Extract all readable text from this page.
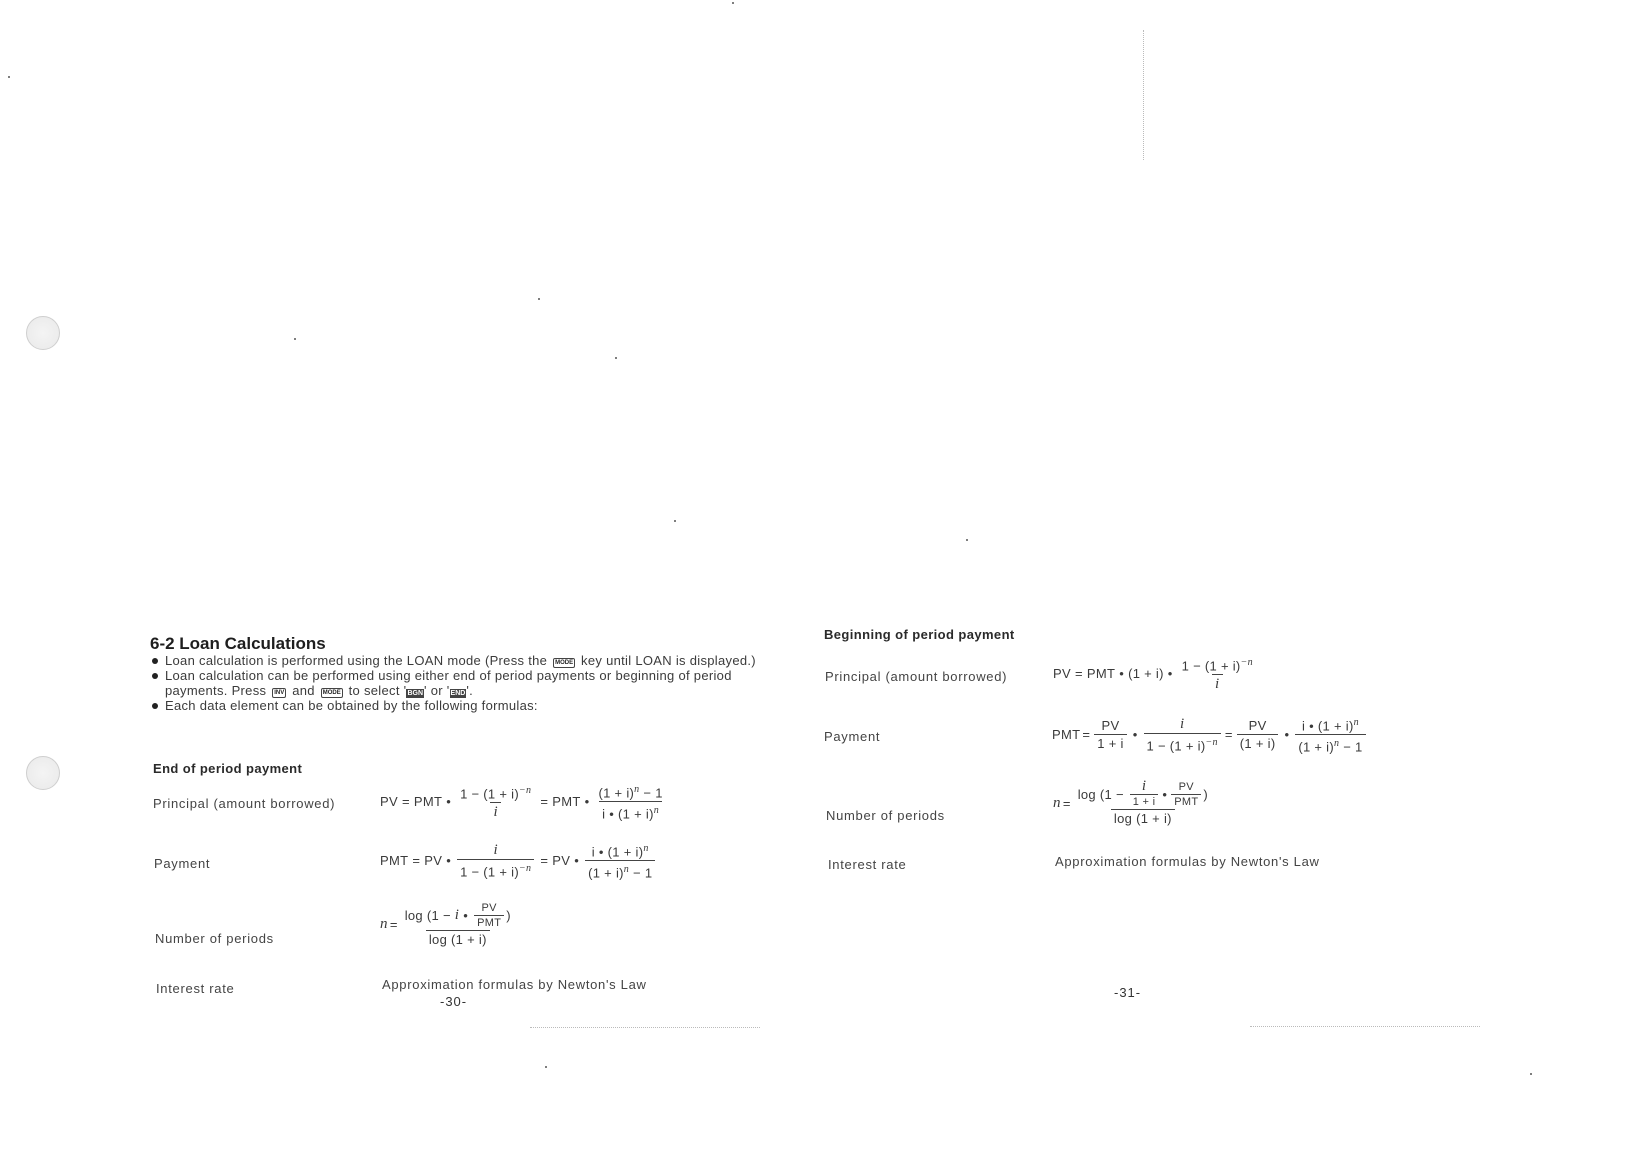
6-2 Loan Calculations
Loan calculation is performed using the LOAN mode (Press the MODE key until LOAN is displayed.)
Loan calculation can be performed using either end of period payments or beginning of period payments. Press INV and MODE to select 'BGN' or 'END'.
Each data element can be obtained by the following formulas:
End of period payment
Principal (amount borrowed)
Payment
Number of periods
Interest rate
PV = PMT • $\frac{1 - (1 + i)^{-n}}{i}$ = PMT • $\frac{(1 + i)^n - 1}{i • (1 + i)^n}$
PMT = PV • $\frac{i}{1 - (1 + i)^{-n}}$ = PV • $\frac{i • (1 + i)^n}{(1 + i)^n - 1}$
n = log (1 −
i • $\frac{PV}{\text{PMT}}$ )
log (1 + i)
Approximation formulas by Newton's Law
-30-
Beginning of period payment
Principal (amount borrowed)
Payment
Number of periods
Interest rate
PV = PMT • (1 + i) • $\frac{1 - (1 + i)^{-n}}{i}$
PMT = $\frac{PV}{1 + i}$ • $\frac{i}{1 - (1 + i)^{-n}} = \frac{PV}{(1 + i)}$ • $\frac{i • (1 + i)^n}{(1 + i)^n - 1}$
n =
log (1 −
$\frac{i}{1 + i}$ • $\frac{PV}{\text{PMT}}$ )
log (1 + i)
Approximation formulas by Newton's Law
-31-
